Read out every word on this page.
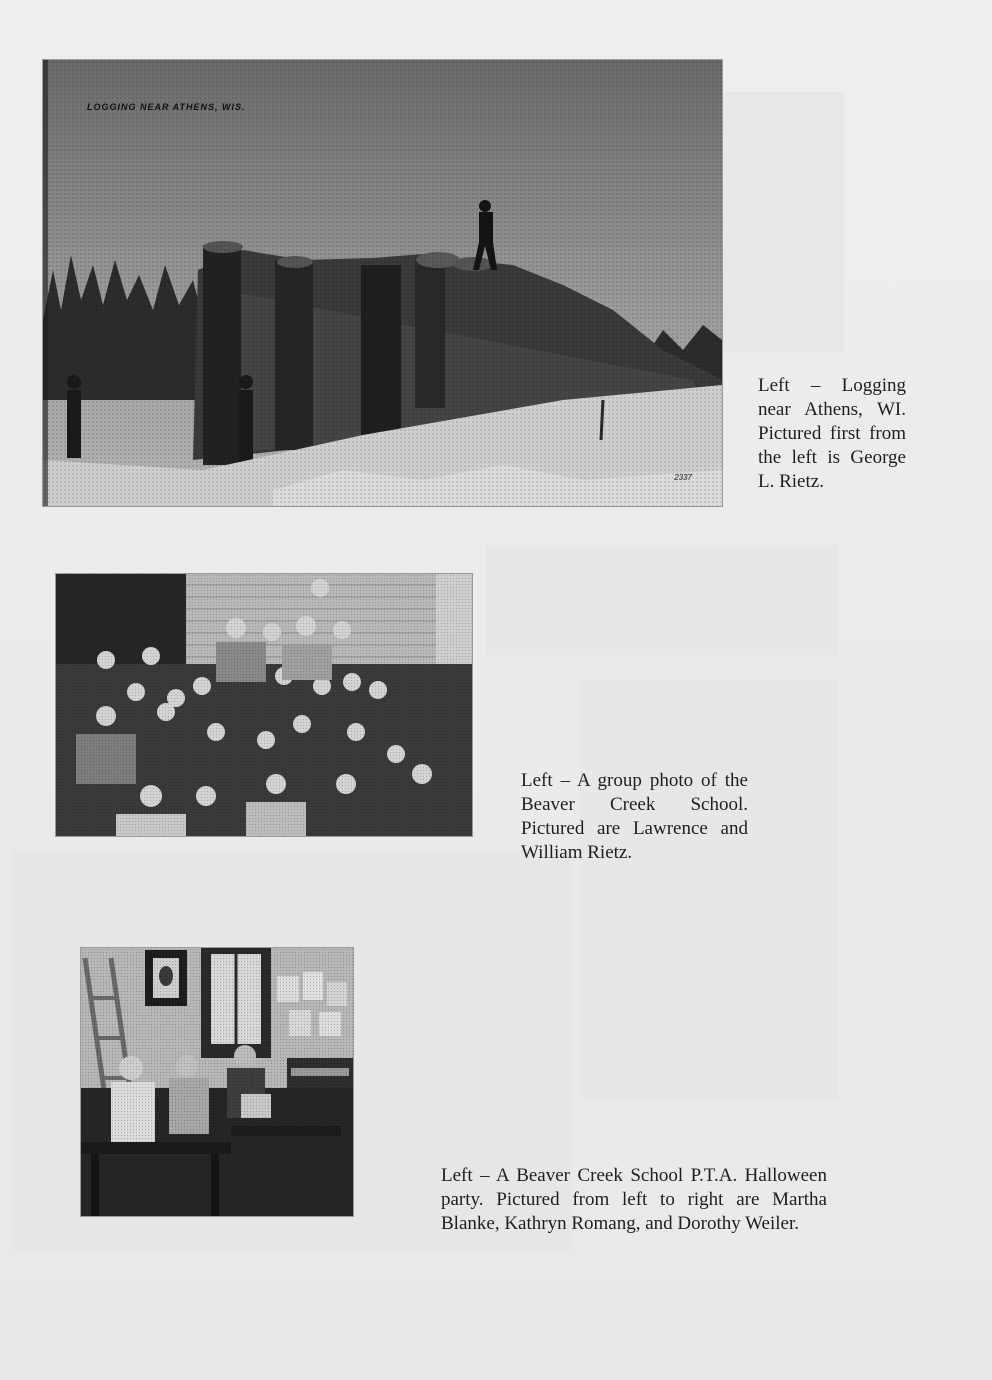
LOGGING NEAR ATHENS, WIS.
2337
Left – Logging near Athens, WI. Pictured first from the left is George L. Rietz.
Left – A group photo of the Beaver Creek School. Pictured are Lawrence and William Rietz.
Left – A Beaver Creek School P.T.A. Halloween party. Pictured from left to right are Martha Blanke, Kathryn Romang, and Dorothy Weiler.
